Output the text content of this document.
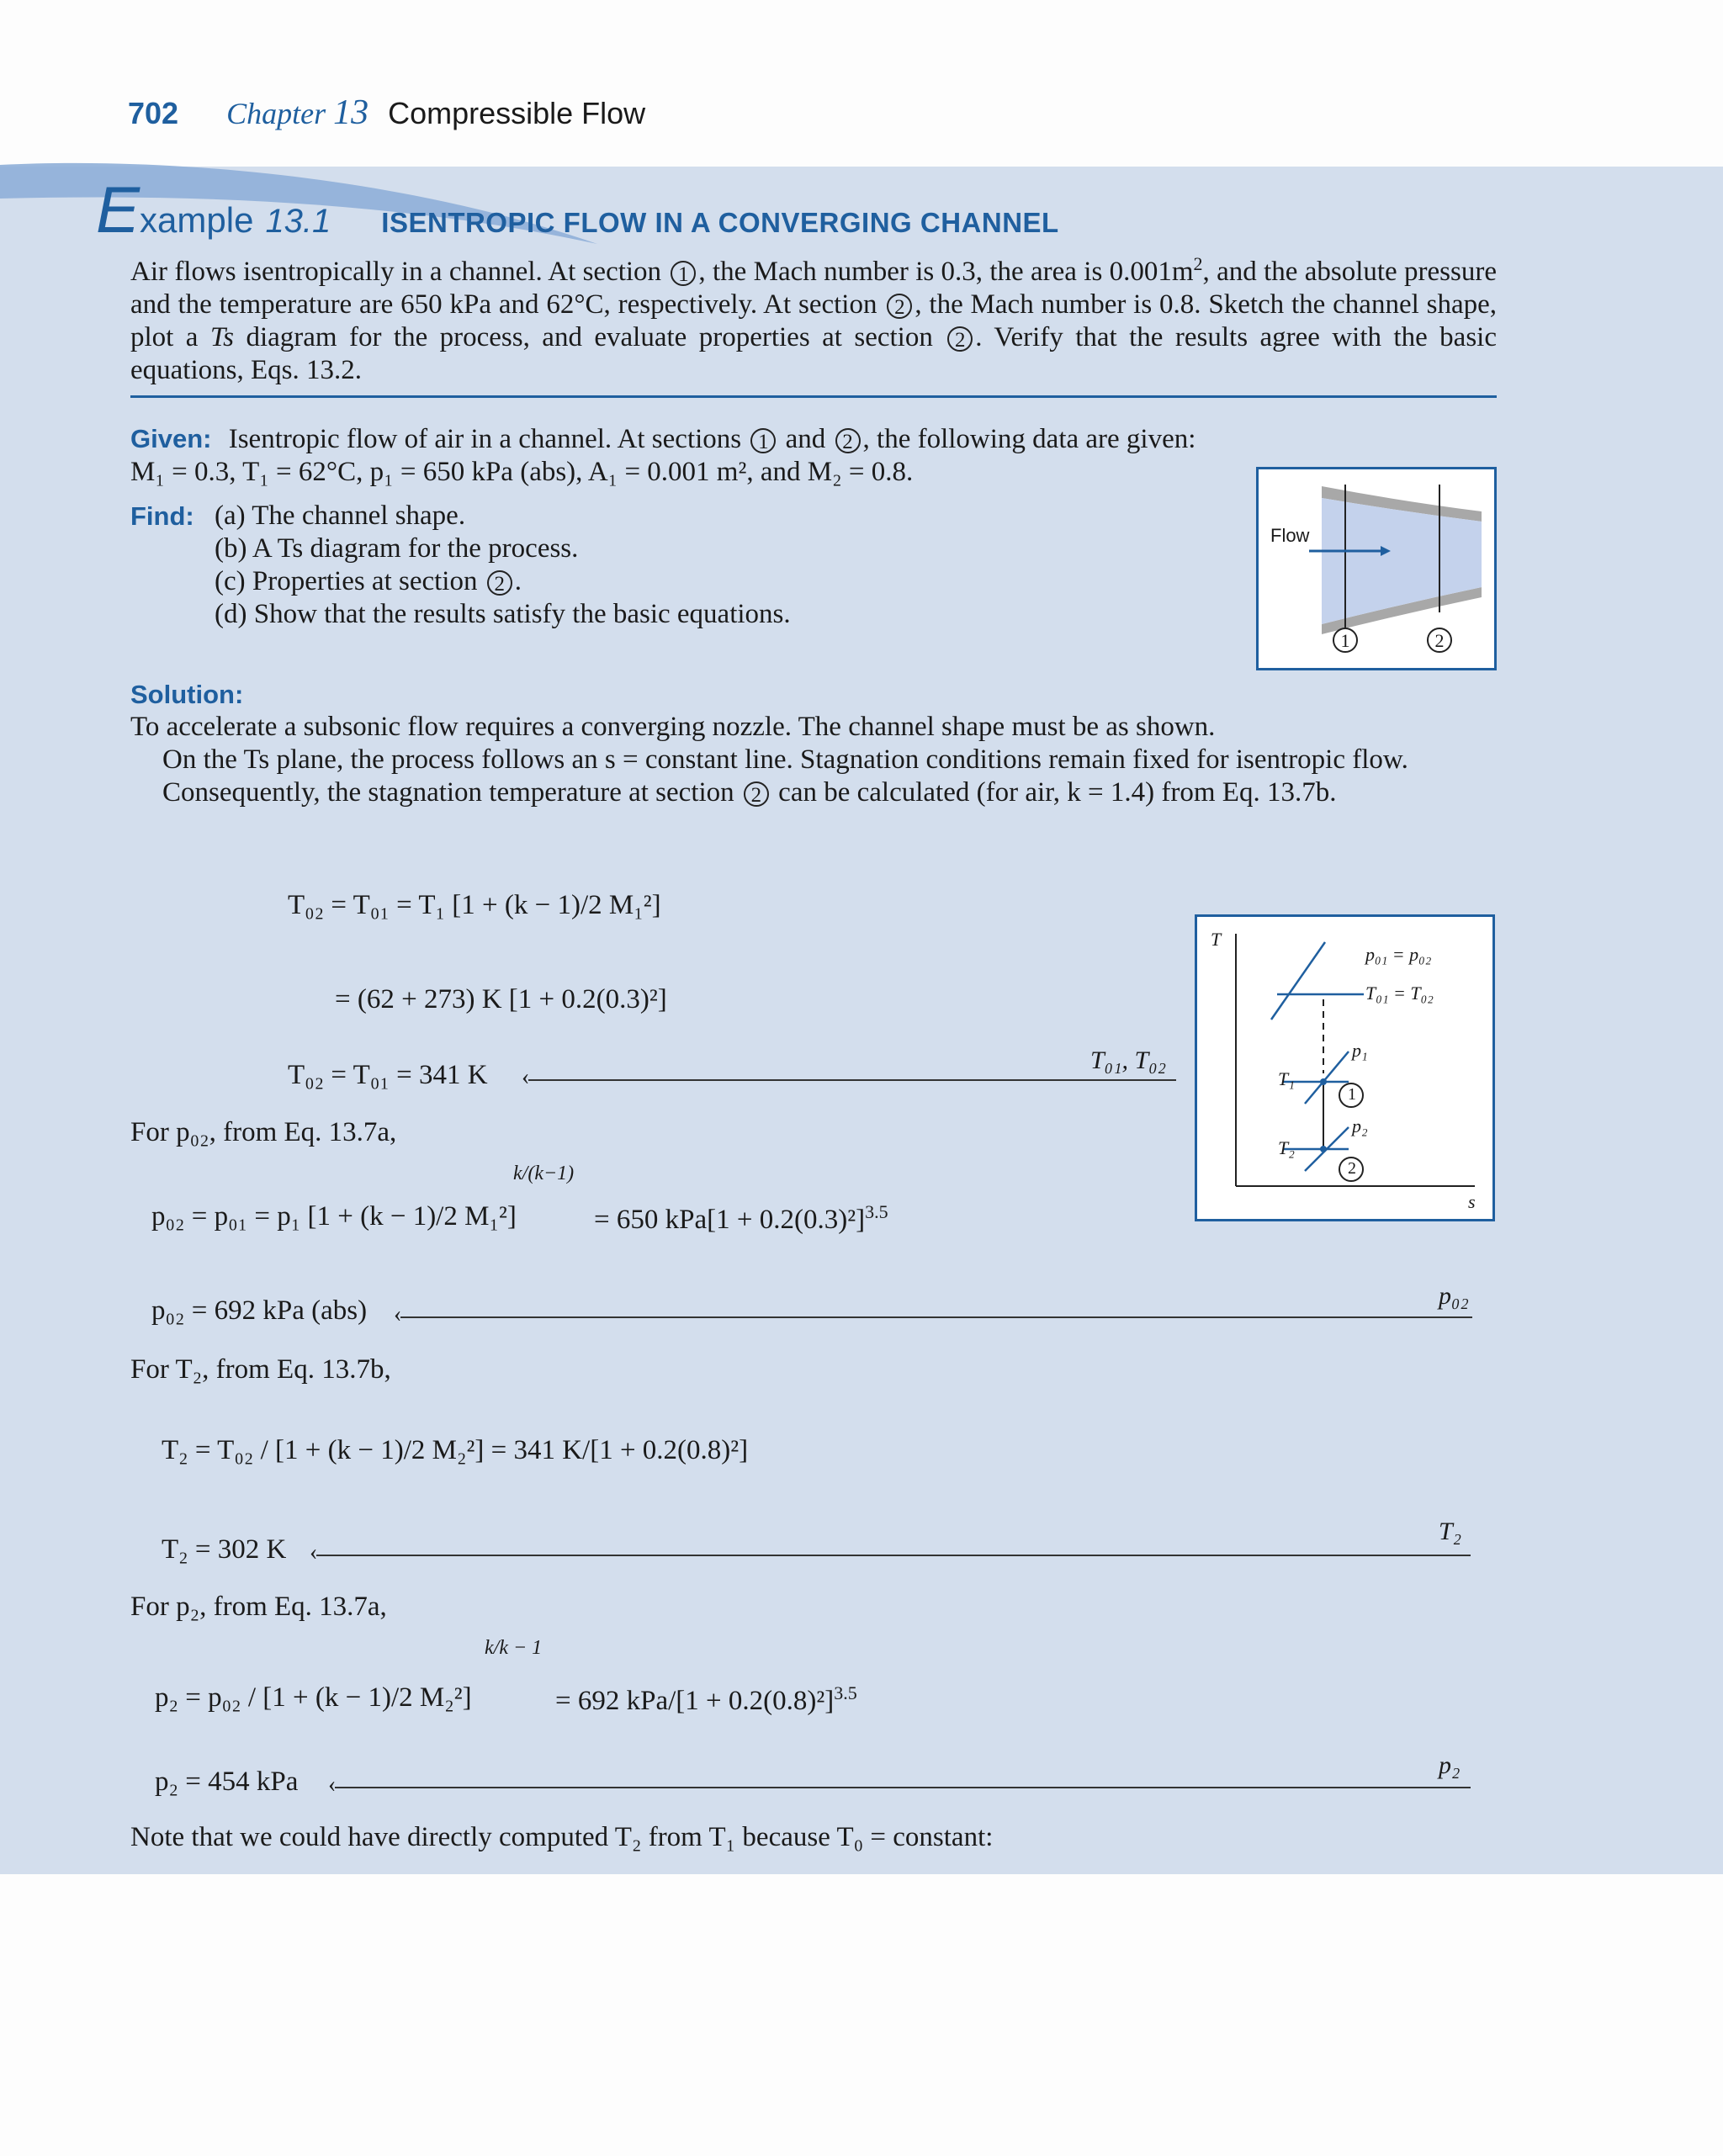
702 Chapter 13 Compressible Flow
Example 13.1 ISENTROPIC FLOW IN A CONVERGING CHANNEL
Air flows isentropically in a channel. At section 1 , the Mach number is 0.3, the area is $0.001m^2$, and the absolute pressure and the temperature are 650 kPa and 62°C, respectively. At section 2 , the Mach number is 0.8. Sketch the channel shape, plot a Ts diagram for the process, and evaluate properties at section 2 . Verify that the results agree with the basic equations, Eqs. 13.2.
Given: Isentropic flow of air in a channel. At sections 1 and 2 , the following data are given:
M₁ = 0.3, T₁ = 62°C, p₁ = 650 kPa (abs), A₁ = 0.001 m², and M₂ = 0.8.
Find: (a) The channel shape.
(b) A Ts diagram for the process.
(c) Properties at section 2 .
(d) Show that the results satisfy the basic equations.
Flow
1	2
Solution:
To accelerate a subsonic flow requires a converging nozzle. The channel shape must be as shown.
On the Ts plane, the process follows an s = constant line. Stagnation conditions remain fixed for isentropic flow.
Consequently, the stagnation temperature at section 2 can be calculated (for air, k = 1.4) from Eq. 13.7b.
T₀₂ = T₀₁ = T₁ [1 + (k − 1)/2 M₁²]
= (62 + 273) K [1 + 0.2(0.3)²]
T₀₂ = T₀₁ = 341 K ‹
T₀₁, T₀₂
T
s
p₀₁ = p₀₂
T₀₁ = T₀₂
p₁
p₂
T₁
T₂
1
2
For p₀₂, from Eq. 13.7a,
p₀₂ = p₀₁ = p₁ [1 + (k − 1)/2 M₁²]
k/(k−1)
= 650 $kPa[1 + 0.2(0.3)^2]^{3.5}$
p₀₂ = 692 kPa (abs) ‹
p₀₂
For T₂, from Eq. 13.7b,
T₂ = T₀₂ / [1 + (k − 1)/2 M₂²] = 341 K/[1 + 0.2(0.8)²]
T₂ = 302 K ‹
T₂
For p₂, from Eq. 13.7a,
p₂ = p₀₂ / [1 + (k − 1)/2 M₂²]
k/k − 1
= 692 $kPa/[1 + 0.2(0.8)^2]^{3.5}$
p₂ = 454 kPa ‹
p₂
Note that we could have directly computed T₂ from T₁ because T₀ = constant:
